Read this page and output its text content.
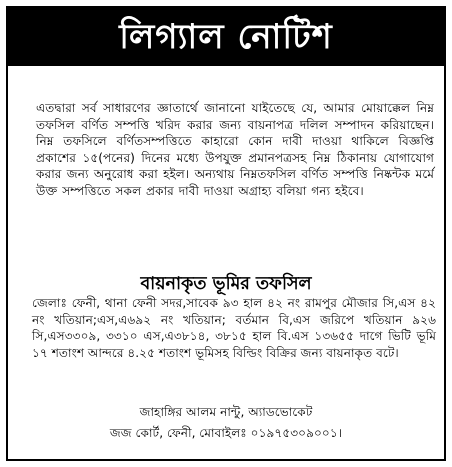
লিগ্যাল নোটিশ
এতদ্বারা সর্ব সাধারণের জ্ঞাতার্থে জানানো যাইতেছে যে, আমার মোয়াক্কেল নিম্ন তফসিল বর্ণিত সম্পত্তি খরিদ করার জন্য বায়নাপত্র দলিল সম্পাদন করিয়াছেন। নিম্ন তফসিলে বর্ণিতসম্পত্তিতে কাহারো কোন দাবী দাওয়া থাকিলে বিজ্ঞপ্তি প্রকাশের ১৫(পনের) দিনের মধ্যে উপযুক্ত প্রমানপত্রসহ নিম্ন ঠিকানায় যোগাযোগ করার জন্য অনুরোধ করা হইল। অন্যথায় নিম্নতফসিল বর্ণিত সম্পত্তি নিষ্কন্টক মর্মে উক্ত সম্পত্তিতে সকল প্রকার দাবী দাওয়া অগ্রাহ্য বলিয়া গন্য হইবে।
বায়নাকৃত ভূমির তফসিল
জেলাঃ ফেনী, থানা ফেনী সদর,সাবেক ৯৩ হাল ৪২ নং রামপুর মৌজার সি,এস ৪২ নং খতিয়ান;এস,এ৬৯২ নং খতিয়ান; বর্তমান বি,এস জরিপে খতিয়ান ৯২৬ সি,এস৩৩০৯, ৩৩১০ এস,এ৩৮১৪, ৩৮১৫ হাল বি.এস ১৩৬৫৫ দাগে ভিটি ভূমি ১৭ শতাংশ আন্দরে ৪.২৫ শতাংশ ভূমিসহ বিল্ডিং বিক্রির জন্য বায়নাকৃত বটে।
জাহাঙ্গির আলম নান্টু, অ্যাডভোকেট
জজ কোর্ট, ফেনী, মোবাইলঃ ০১৯৭৫৩০৯০০১।
